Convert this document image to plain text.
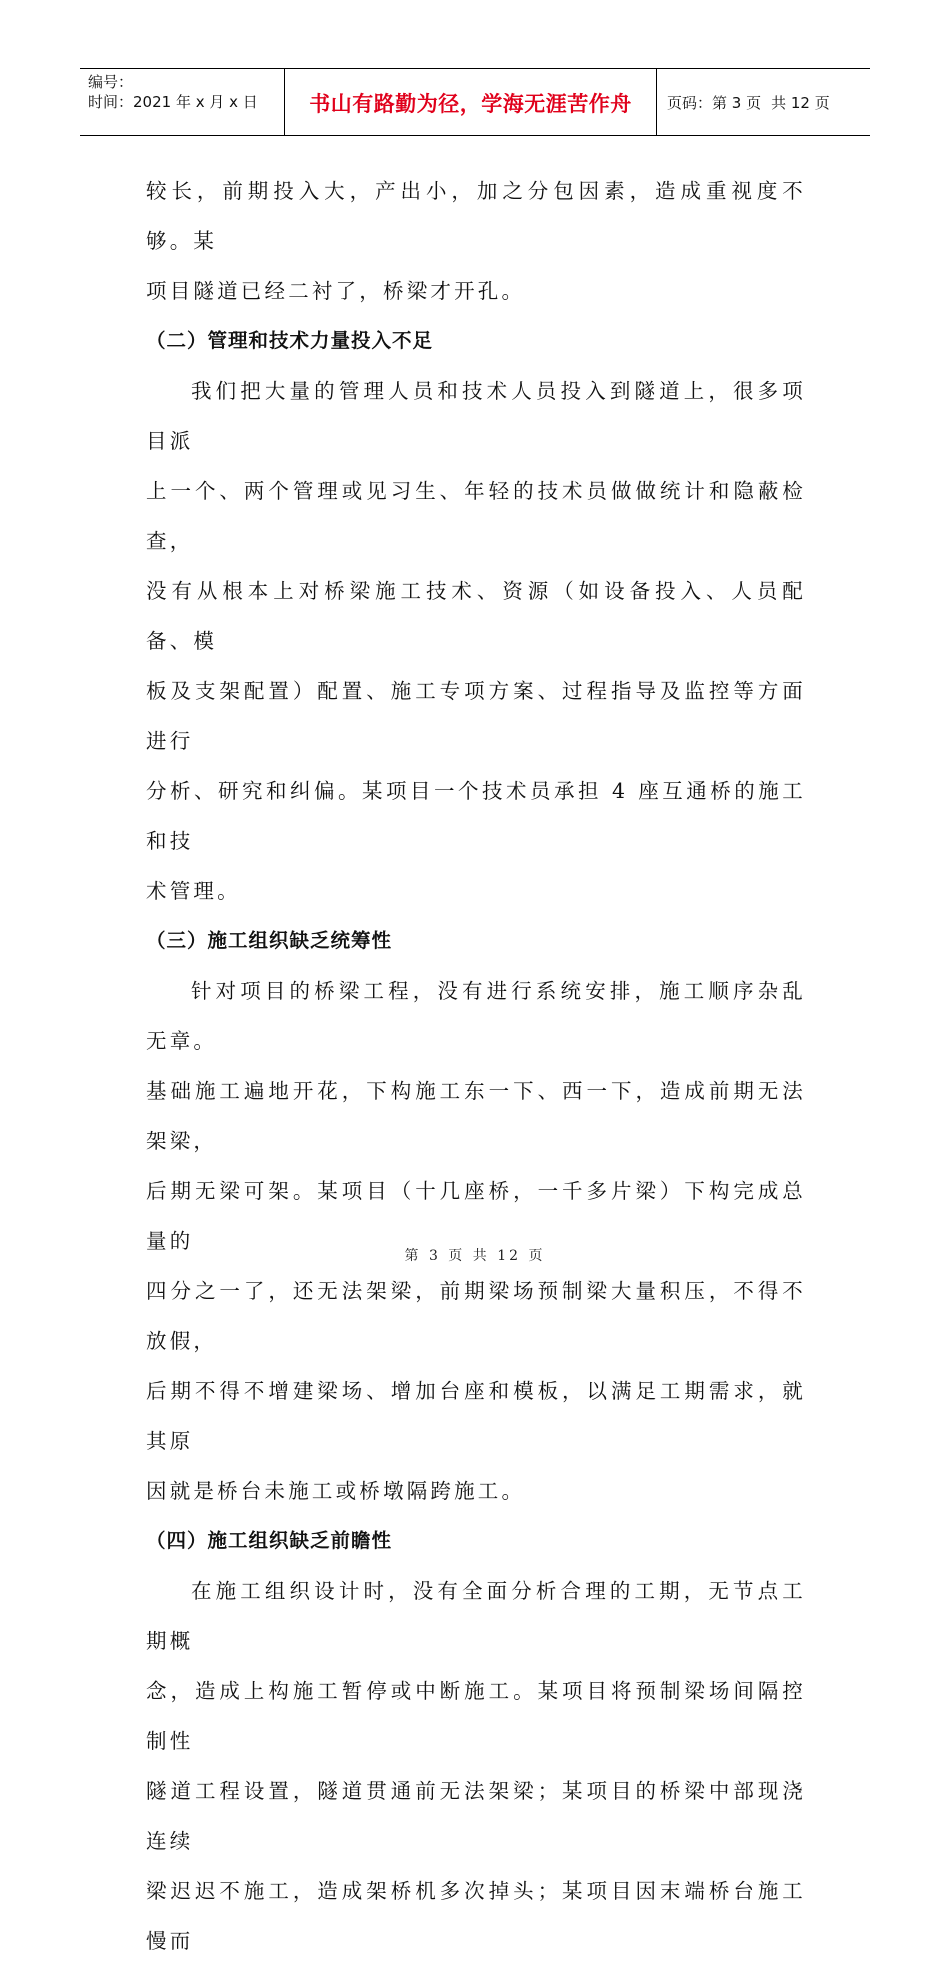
编号：
时间：2021 年 x 月 x 日	书山有路勤为径，学海无涯苦作舟 页码：第 3 页 共 12 页

较长，前期投入大，产出小，加之分包因素，造成重视度不够。某
项目隧道已经二衬了，桥梁才开孔。

（二）管理和技术力量投入不足

我们把大量的管理人员和技术人员投入到隧道上，很多项目派
上一个、两个管理或见习生、年轻的技术员做做统计和隐蔽检查，
没有从根本上对桥梁施工技术、资源（如设备投入、人员配备、模
板及支架配置）配置、施工专项方案、过程指导及监控等方面进行
分析、研究和纠偏。某项目一个技术员承担 4 座互通桥的施工和技
术管理。

（三）施工组织缺乏统筹性

针对项目的桥梁工程，没有进行系统安排，施工顺序杂乱无章。
基础施工遍地开花，下构施工东一下、西一下，造成前期无法架梁，
后期无梁可架。某项目（十几座桥，一千多片梁）下构完成总量的
四分之一了，还无法架梁，前期梁场预制梁大量积压，不得不放假，
后期不得不增建梁场、增加台座和模板，以满足工期需求，就其原
因就是桥台未施工或桥墩隔跨施工。

（四）施工组织缺乏前瞻性

在施工组织设计时，没有全面分析合理的工期，无节点工期概
念，造成上构施工暂停或中断施工。某项目将预制梁场间隔控制性
隧道工程设置，隧道贯通前无法架梁；某项目的桥梁中部现浇连续
梁迟迟不施工，造成架桥机多次掉头；某项目因末端桥台施工慢而

第 3 页 共 12 页
